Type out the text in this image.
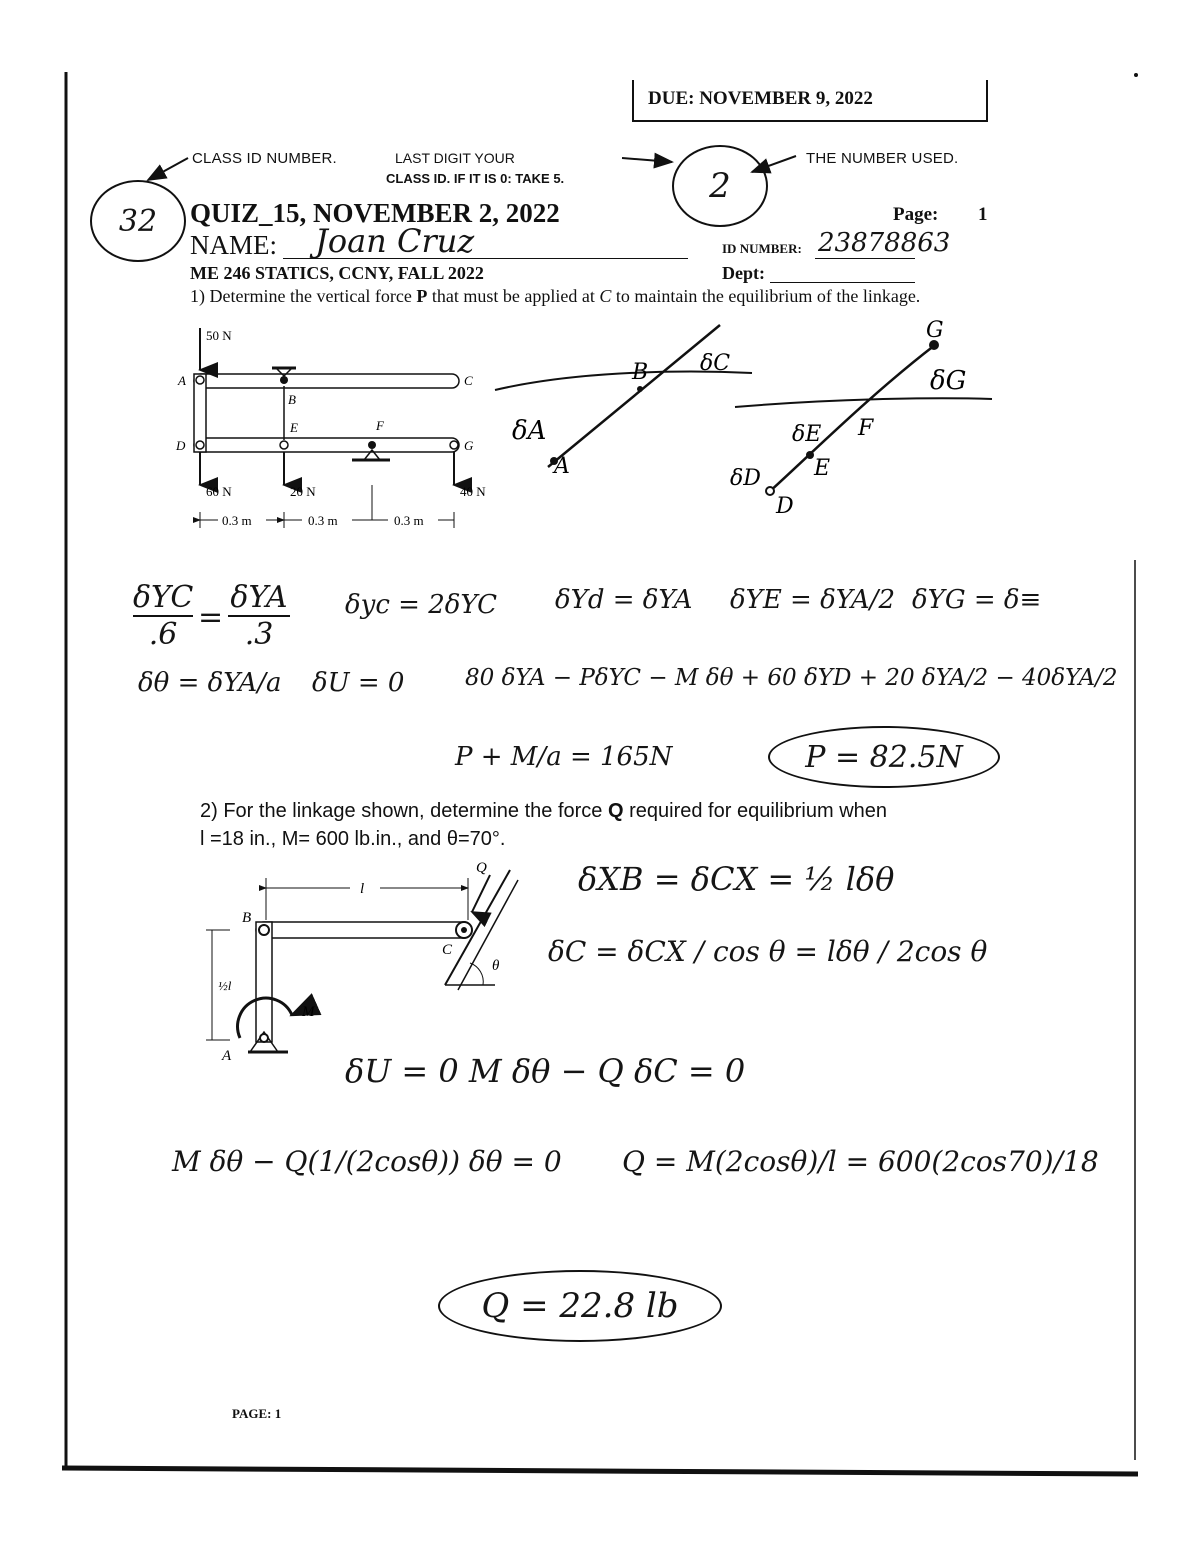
DUE: NOVEMBER 9, 2022
CLASS ID NUMBER.	LAST DIGIT YOUR
CLASS ID. IF IT IS 0: TAKE 5.
THE NUMBER USED.
32
2
QUIZ_15, NOVEMBER 2, 2022	Page: 1
NAME: Joan Cruz	ID NUMBER: 23878863
ME 246 STATICS, CCNY, FALL 2022	Dept:
1) Determine the vertical force P that must be applied at C to maintain the equilibrium of the linkage.
50 N
60 N	20 N	40 N
0.3 m	0.3 m	0.3 m
A
B
C
D
E	F
G
δC
B
δA
A
G
δG
δE F
δD E
D
δYC
.6 =
δYA
.3
δyc = 2δYC δYd = δYA δYE = δYA/2 δYG = δ≡
δθ = δYA/a δU = 0	80 δYA − PδYC − M δθ + 60 δYD + 20 δYA/2 − 40δYA/2
P + M/a = 165N	P = 82.5N
2) For the linkage shown, determine the force Q required for equilibrium when
l =18 in., M= 600 lb.in., and θ=70°.
Q
l
B
C
θ
½l
M
A
δXB = δCX = ½ lδθ
δC = δCX / cos θ = lδθ / 2cos θ
δU = 0 M δθ − Q δC = 0
M δθ − Q(1/(2cosθ)) δθ = 0 Q = M(2cosθ)/l = 600(2cos70)/18
Q = 22.8 lb
PAGE: 1
